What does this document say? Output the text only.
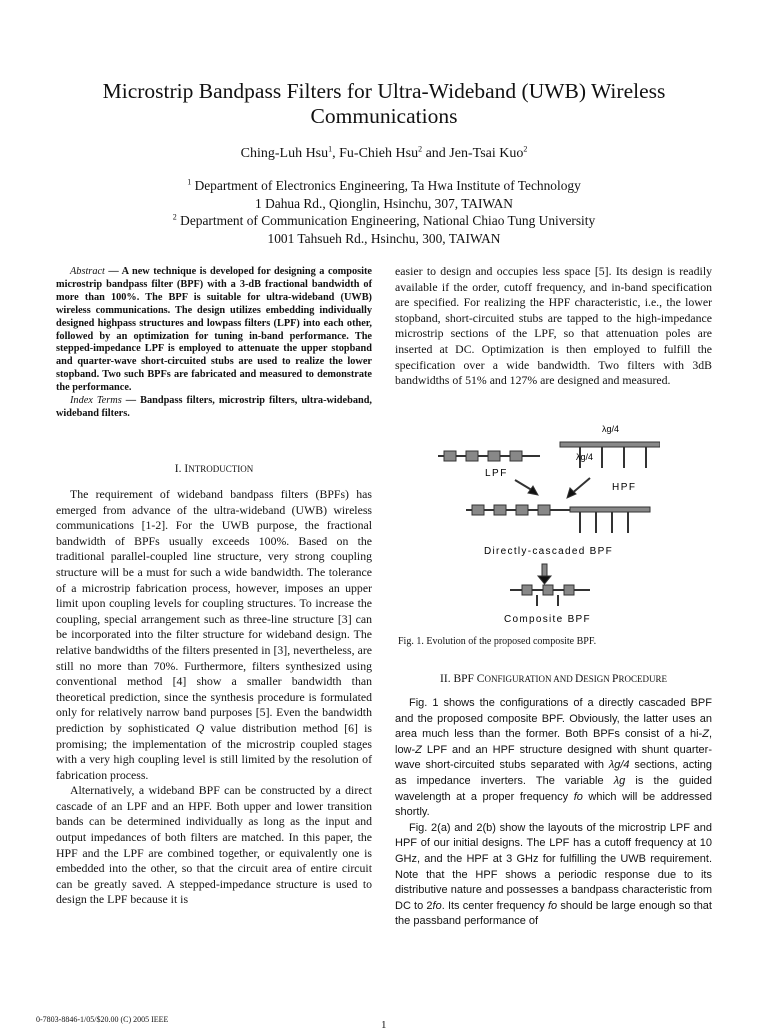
Microstrip Bandpass Filters for Ultra-Wideband (UWB) Wireless Communications
Ching-Luh Hsu$^1$, Fu-Chieh Hsu$^2$ and Jen-Tsai Kuo$^2$
$^1$ Department of Electronics Engineering, Ta Hwa Institute of Technology
1 Dahua Rd., Qionglin, Hsinchu, 307, TAIWAN
$^2$ Department of Communication Engineering, National Chiao Tung University
1001 Tahsueh Rd., Hsinchu, 300, TAIWAN

Abstract — A new technique is developed for designing a composite microstrip bandpass filter (BPF) with a 3-dB fractional bandwidth of more than 100%. The BPF is suitable for ultra-wideband (UWB) wireless communications. The design utilizes embedding individually designed highpass structures and lowpass filters (LPF) into each other, followed by an optimization for tuning in-band performance. The stepped-impedance LPF is employed to attenuate the upper stopband and quarter-wave short-circuited stubs are used to realize the lower stopband. Two such BPFs are fabricated and measured to demonstrate the performance.

Index Terms — Bandpass filters, microstrip filters, ultra-wideband, wideband filters.

I. INTRODUCTION

The requirement of wideband bandpass filters (BPFs) has emerged from advance of the ultra-wideband (UWB) wireless communications [1-2]. For the UWB purpose, the fractional bandwidth of BPFs usually exceeds 100%. Based on the traditional parallel-coupled line structure, very strong coupling structure will be a must for such a wide bandwidth. The tolerance of a microstrip fabrication process, however, imposes an upper limit upon coupling levels for coupling structures. To increase the coupling, special arrangement such as three-line structure [3] can be incorporated into the filter structure for wideband design. The relative bandwidths of the filters presented in [3], nevertheless, are still no more than 70%. Furthermore, filters synthesized using conventional method [4] show a smaller bandwidth than theoretical prediction, since the synthesis procedure is formulated only for relatively narrow band purposes [5]. Even the bandwidth prediction by sophisticated Q value distribution method [6] is promising; the implementation of the microstrip coupled stages with a very high coupling level is still limited by the resolution of fabrication process.

Alternatively, a wideband BPF can be constructed by a direct cascade of an LPF and an HPF. Both upper and lower transition bands can be determined individually as long as the input and output impedances of both filters are matched. In this paper, the HPF and the LPF are combined together, or equivalently one is embedded into the other, so that the circuit area of entire circuit can be greatly saved. A stepped-impedance structure is used to design the LPF because it is

easier to design and occupies less space [5]. Its design is readily available if the order, cutoff frequency, and in-band specification are specified. For realizing the HPF characteristic, i.e., the lower stopband, short-circuited stubs are tapped to the high-impedance microstrip sections of the LPF, so that attenuation poles are inserted at DC. Optimization is then employed to fulfill the specification over a wide bandwidth. Two filters with 3dB bandwidths of 51% and 127% are designed and measured.

λg/4
λg/4
LPF
HPF
Directly-cascaded BPF
Composite BPF
Fig. 1. Evolution of the proposed composite BPF.
II. BPF CONFIGURATION AND DESIGN PROCEDURE

Fig. 1 shows the configurations of a directly cascaded BPF and the proposed composite BPF. Obviously, the latter uses an area much less than the former. Both BPFs consist of a hi-Z, low-Z LPF and an HPF structure designed with shunt quarter-wave short-circuited stubs separated with λg/4 sections, acting as impedance inverters. The variable λg is the guided wavelength at a proper frequency fo which will be addressed shortly.

Fig. 2(a) and 2(b) show the layouts of the microstrip LPF and HPF of our initial designs. The LPF has a cutoff frequency at 10 GHz, and the HPF at 3 GHz for fulfilling the UWB requirement. Note that the HPF shows a periodic response due to its distributive nature and possesses a bandpass characteristic from DC to 2fo. Its center frequency fo should be large enough so that the passband performance of

0-7803-8846-1/05/$20.00 (C) 2005 IEEE	1
